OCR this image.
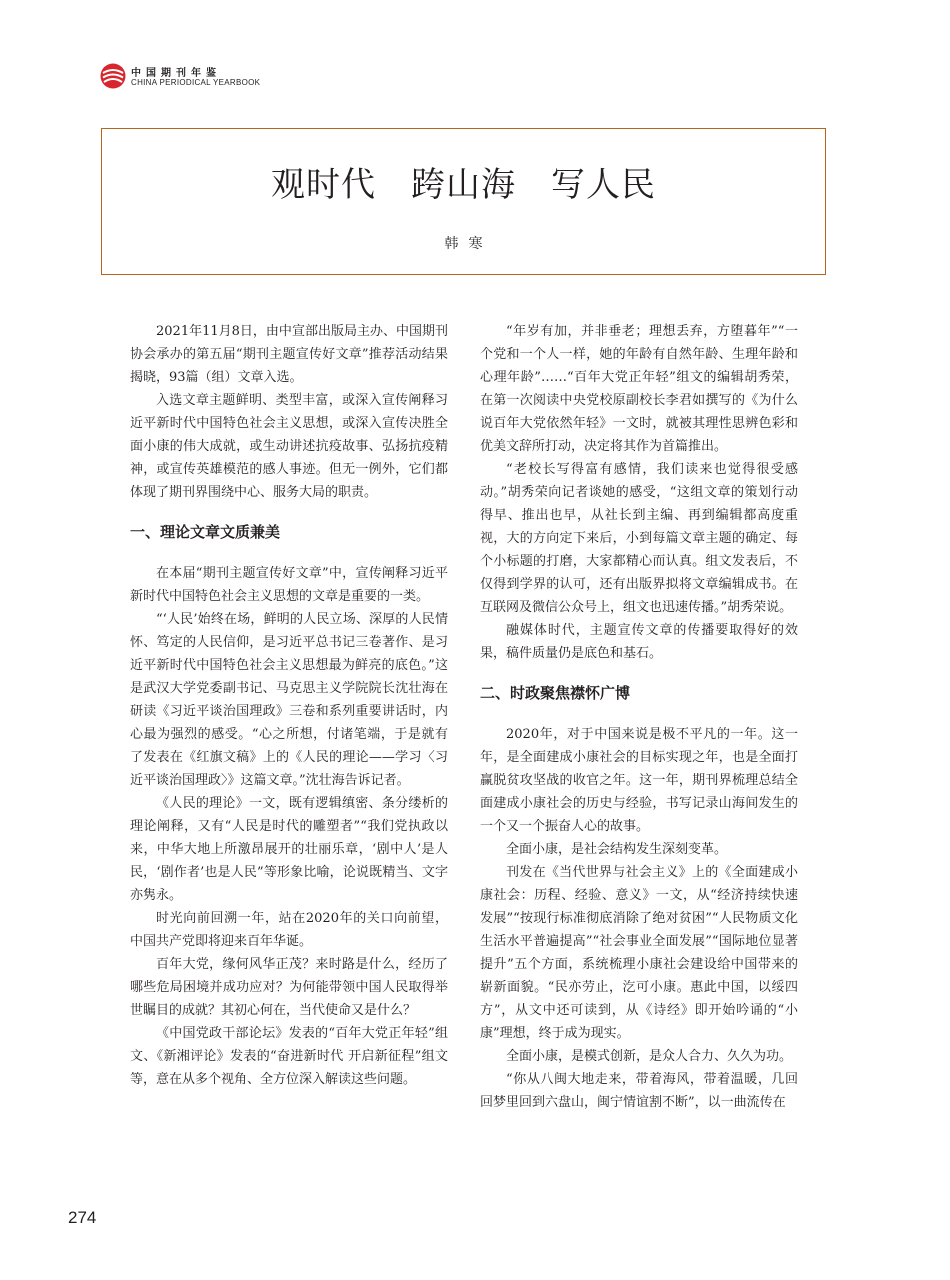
中国期刊年鉴
CHINA PERIODICAL YEARBOOK
观时代　跨山海　写人民
韩寒

2021年11月8日，由中宣部出版局主办、中国期刊协会承办的第五届“期刊主题宣传好文章”推荐活动结果揭晓，93篇（组）文章入选。

入选文章主题鲜明、类型丰富，或深入宣传阐释习近平新时代中国特色社会主义思想，或深入宣传决胜全面小康的伟大成就，或生动讲述抗疫故事、弘扬抗疫精神，或宣传英雄模范的感人事迹。但无一例外，它们都体现了期刊界围绕中心、服务大局的职责。

一、理论文章文质兼美

在本届“期刊主题宣传好文章”中，宣传阐释习近平新时代中国特色社会主义思想的文章是重要的一类。

“‘人民’始终在场，鲜明的人民立场、深厚的人民情怀、笃定的人民信仰，是习近平总书记三卷著作、是习近平新时代中国特色社会主义思想最为鲜亮的底色。”这是武汉大学党委副书记、马克思主义学院院长沈壮海在研读《习近平谈治国理政》三卷和系列重要讲话时，内心最为强烈的感受。“心之所想，付诸笔端，于是就有了发表在《红旗文稿》上的《人民的理论——学习〈习近平谈治国理政〉》这篇文章。”沈壮海告诉记者。

《人民的理论》一文，既有逻辑缜密、条分缕析的理论阐释，又有“人民是时代的雕塑者”“我们党执政以来，中华大地上所激昂展开的壮丽乐章，‘剧中人’是人民，‘剧作者’也是人民”等形象比喻，论说既精当、文字亦隽永。

时光向前回溯一年，站在2020年的关口向前望，中国共产党即将迎来百年华诞。

百年大党，缘何风华正茂？来时路是什么，经历了哪些危局困境并成功应对？为何能带领中国人民取得举世瞩目的成就？其初心何在，当代使命又是什么？

《中国党政干部论坛》发表的“百年大党正年轻”组文、《新湘评论》发表的“奋进新时代 开启新征程”组文等，意在从多个视角、全方位深入解读这些问题。

“年岁有加，并非垂老；理想丢弃，方堕暮年”“一个党和一个人一样，她的年龄有自然年龄、生理年龄和心理年龄”……“百年大党正年轻”组文的编辑胡秀荣，在第一次阅读中央党校原副校长李君如撰写的《为什么说百年大党依然年轻》一文时，就被其理性思辨色彩和优美文辞所打动，决定将其作为首篇推出。

“老校长写得富有感情，我们读来也觉得很受感动。”胡秀荣向记者谈她的感受，“这组文章的策划行动得早、推出也早，从社长到主编、再到编辑都高度重视，大的方向定下来后，小到每篇文章主题的确定、每个小标题的打磨，大家都精心而认真。组文发表后，不仅得到学界的认可，还有出版界拟将文章编辑成书。在互联网及微信公众号上，组文也迅速传播。”胡秀荣说。

融媒体时代，主题宣传文章的传播要取得好的效果，稿件质量仍是底色和基石。

二、时政聚焦襟怀广博

2020年，对于中国来说是极不平凡的一年。这一年，是全面建成小康社会的目标实现之年，也是全面打赢脱贫攻坚战的收官之年。这一年，期刊界梳理总结全面建成小康社会的历史与经验，书写记录山海间发生的一个又一个振奋人心的故事。

全面小康，是社会结构发生深刻变革。

刊发在《当代世界与社会主义》上的《全面建成小康社会：历程、经验、意义》一文，从“经济持续快速发展”“按现行标准彻底消除了绝对贫困”“人民物质文化生活水平普遍提高”“社会事业全面发展”“国际地位显著提升”五个方面，系统梳理小康社会建设给中国带来的崭新面貌。“民亦劳止，汔可小康。惠此中国，以绥四方”，从文中还可读到，从《诗经》即开始吟诵的“小康”理想，终于成为现实。

全面小康，是模式创新，是众人合力、久久为功。

“你从八闽大地走来，带着海风，带着温暖，几回回梦里回到六盘山，闽宁情谊割不断”，以一曲流传在

274
